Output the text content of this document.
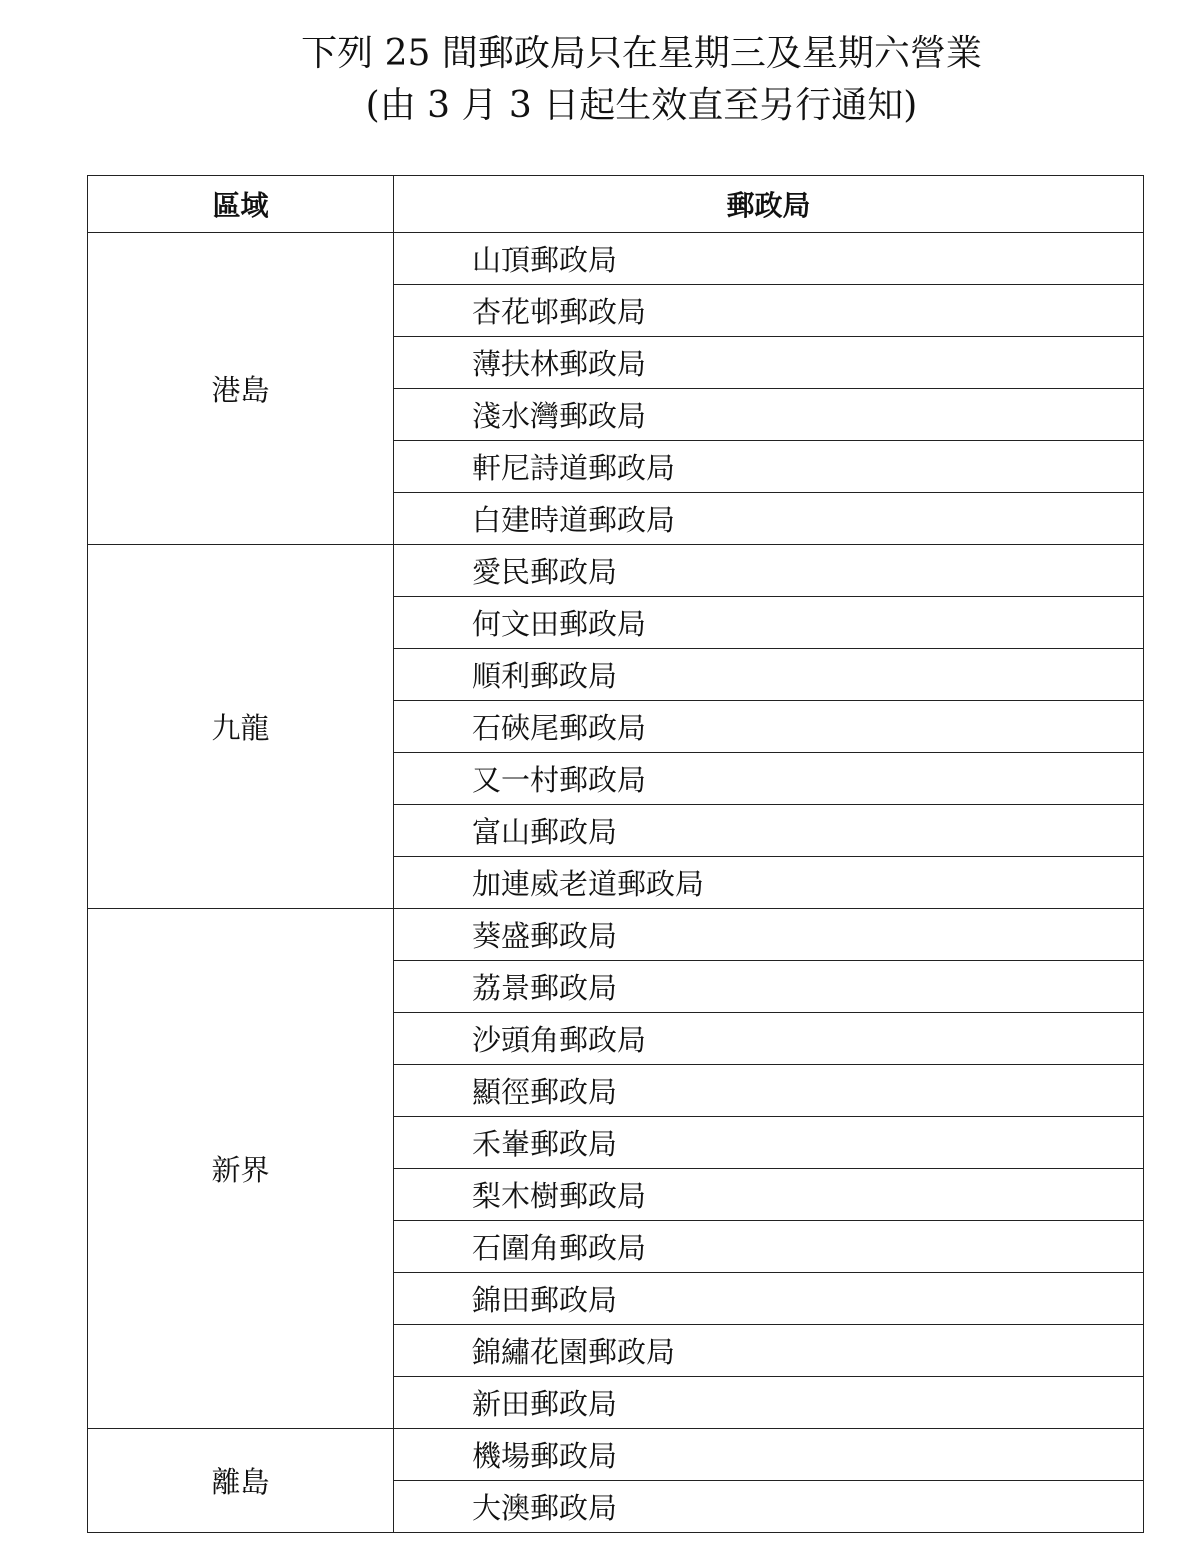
下列 25 間郵政局只在星期三及星期六營業
(由 3 月 3 日起生效直至另行通知)
區域	郵政局
港島	山頂郵政局
	杏花邨郵政局
	薄扶林郵政局
	淺水灣郵政局
	軒尼詩道郵政局
	白建時道郵政局
九龍	愛民郵政局
	何文田郵政局
	順利郵政局
	石硤尾郵政局
	又一村郵政局
	富山郵政局
	加連威老道郵政局
新界	葵盛郵政局
	荔景郵政局
	沙頭角郵政局
	顯徑郵政局
	禾輋郵政局
	梨木樹郵政局
	石圍角郵政局
	錦田郵政局
	錦繡花園郵政局
	新田郵政局
離島	機場郵政局
	大澳郵政局
